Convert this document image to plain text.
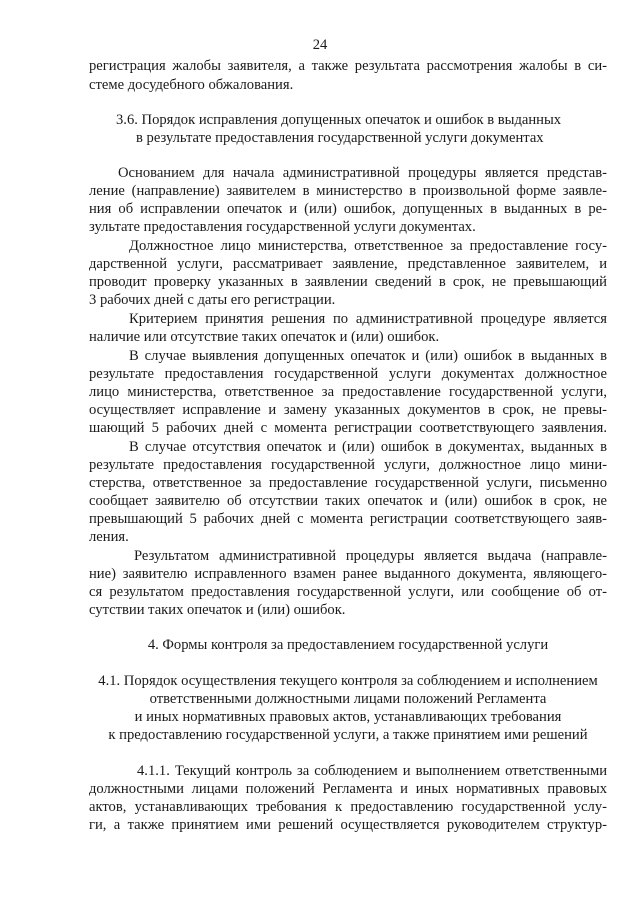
24
регистрация жалобы заявителя, а также результата рассмотрения жалобы в си-
стеме досудебного обжалования.
3.6. Порядок исправления допущенных опечаток и ошибок в выданных
в результате предоставления государственной услуги документах
Основанием для начала административной процедуры является представ-
ление (направление) заявителем в министерство в произвольной форме заявле-
ния об исправлении опечаток и (или) ошибок, допущенных в выданных в ре-
зультате предоставления государственной услуги документах.
Должностное лицо министерства, ответственное за предоставление госу-
дарственной услуги, рассматривает заявление, представленное заявителем, и
проводит проверку указанных в заявлении сведений в срок, не превышающий
3 рабочих дней с даты его регистрации.
Критерием принятия решения по административной процедуре является
наличие или отсутствие таких опечаток и (или) ошибок.
В случае выявления допущенных опечаток и (или) ошибок в выданных в
результате предоставления государственной услуги документах должностное
лицо министерства, ответственное за предоставление государственной услуги,
осуществляет исправление и замену указанных документов в срок, не превы-
шающий 5 рабочих дней с момента регистрации соответствующего заявления.
В случае отсутствия опечаток и (или) ошибок в документах, выданных в
результате предоставления государственной услуги, должностное лицо мини-
стерства, ответственное за предоставление государственной услуги, письменно
сообщает заявителю об отсутствии таких опечаток и (или) ошибок в срок, не
превышающий 5 рабочих дней с момента регистрации соответствующего заяв-
ления.
Результатом административной процедуры является выдача (направле-
ние) заявителю исправленного взамен ранее выданного документа, являющего-
ся результатом предоставления государственной услуги, или сообщение об от-
сутствии таких опечаток и (или) ошибок.
4. Формы контроля за предоставлением государственной услуги
4.1. Порядок осуществления текущего контроля за соблюдением и исполнением
ответственными должностными лицами положений Регламента
и иных нормативных правовых актов, устанавливающих требования
к предоставлению государственной услуги, а также принятием ими решений
4.1.1. Текущий контроль за соблюдением и выполнением ответственными
должностными лицами положений Регламента и иных нормативных правовых
актов, устанавливающих требования к предоставлению государственной услу-
ги, а также принятием ими решений осуществляется руководителем структур-
